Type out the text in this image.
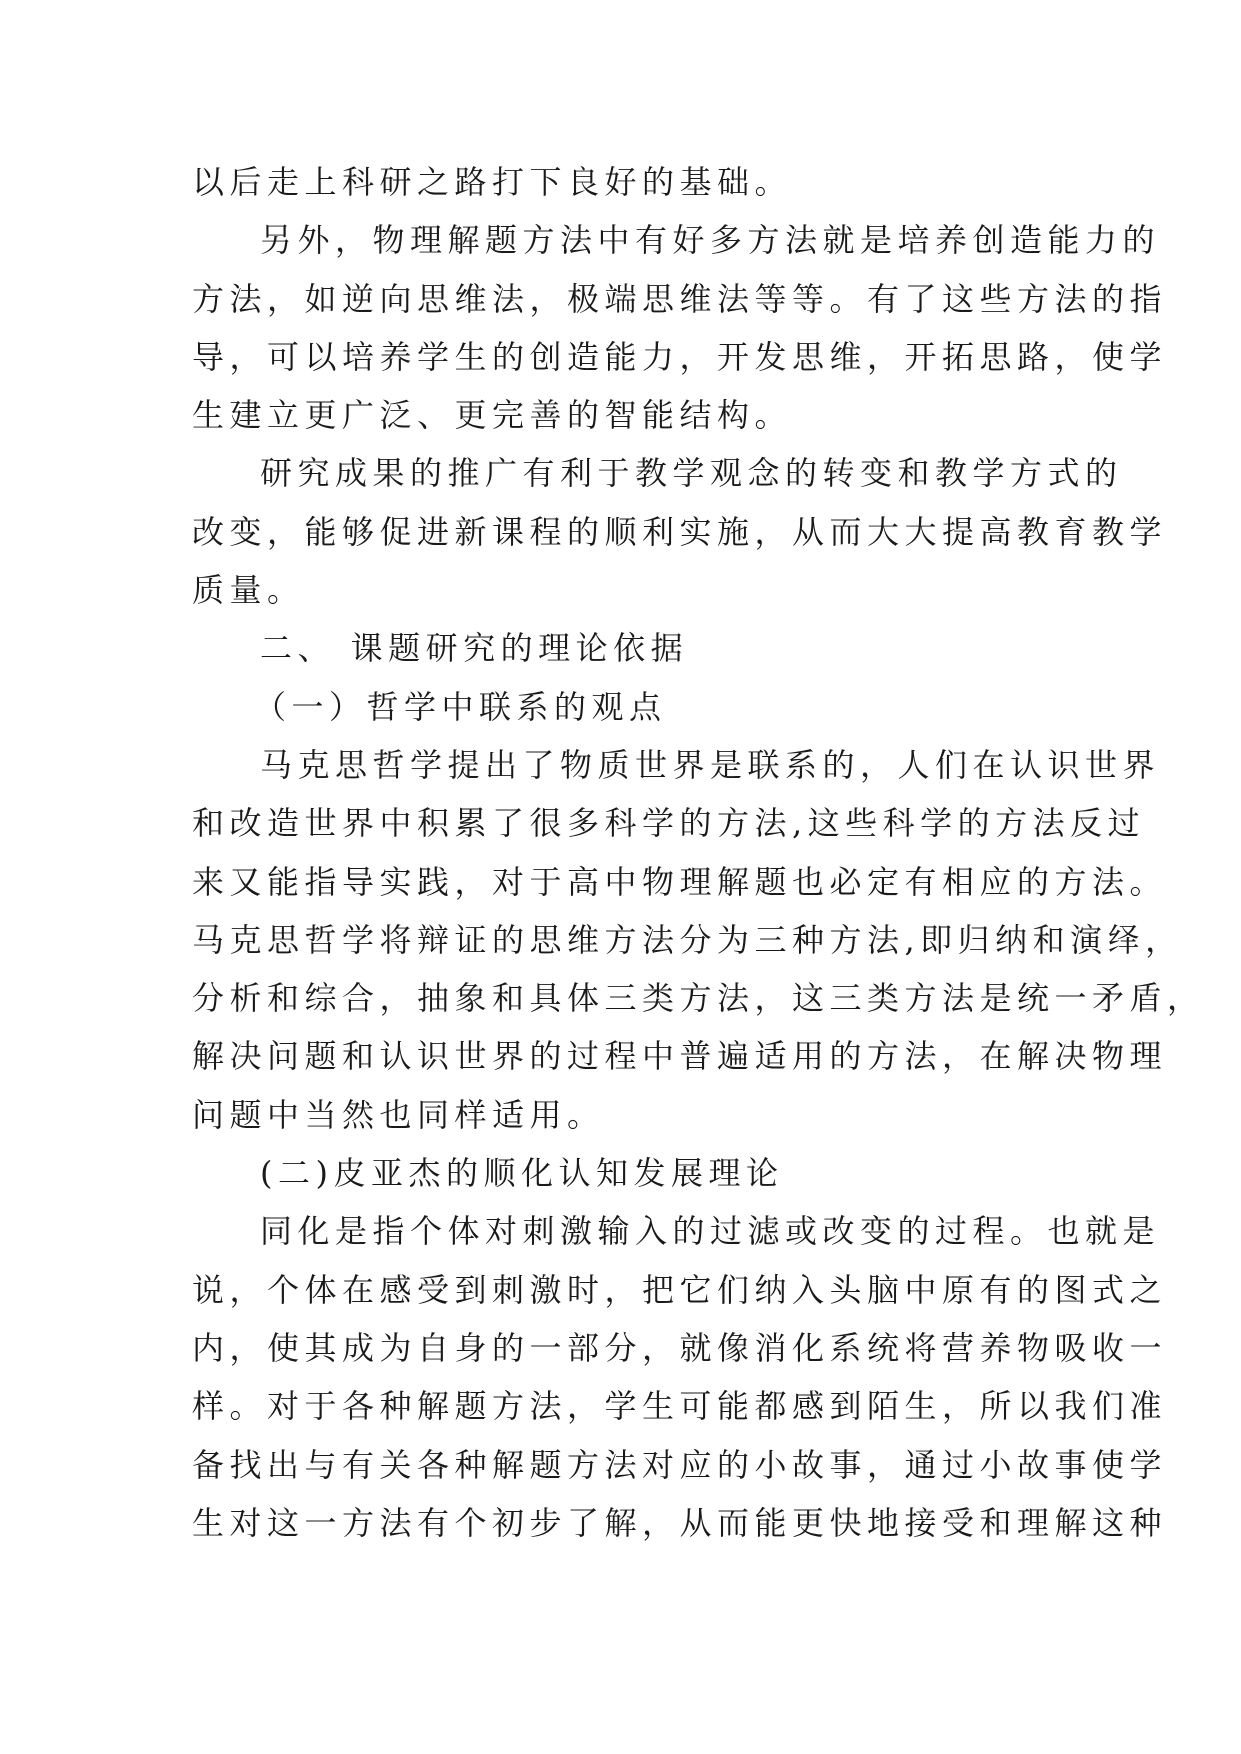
以后走上科研之路打下良好的基础。
另外，物理解题方法中有好多方法就是培养创造能力的
方法，如逆向思维法，极端思维法等等。有了这些方法的指
导，可以培养学生的创造能力，开发思维，开拓思路，使学
生建立更广泛、更完善的智能结构。
研究成果的推广有利于教学观念的转变和教学方式的
改变，能够促进新课程的顺利实施，从而大大提高教育教学
质量。
二、 课题研究的理论依据
（一）哲学中联系的观点
马克思哲学提出了物质世界是联系的，人们在认识世界
和改造世界中积累了很多科学的方法,这些科学的方法反过
来又能指导实践，对于高中物理解题也必定有相应的方法。
马克思哲学将辩证的思维方法分为三种方法,即归纳和演绎，
分析和综合，抽象和具体三类方法，这三类方法是统一矛盾，
解决问题和认识世界的过程中普遍适用的方法，在解决物理
问题中当然也同样适用。
(二)皮亚杰的顺化认知发展理论
同化是指个体对刺激输入的过滤或改变的过程。也就是
说，个体在感受到刺激时，把它们纳入头脑中原有的图式之
内，使其成为自身的一部分，就像消化系统将营养物吸收一
样。对于各种解题方法，学生可能都感到陌生，所以我们准
备找出与有关各种解题方法对应的小故事，通过小故事使学
生对这一方法有个初步了解，从而能更快地接受和理解这种
